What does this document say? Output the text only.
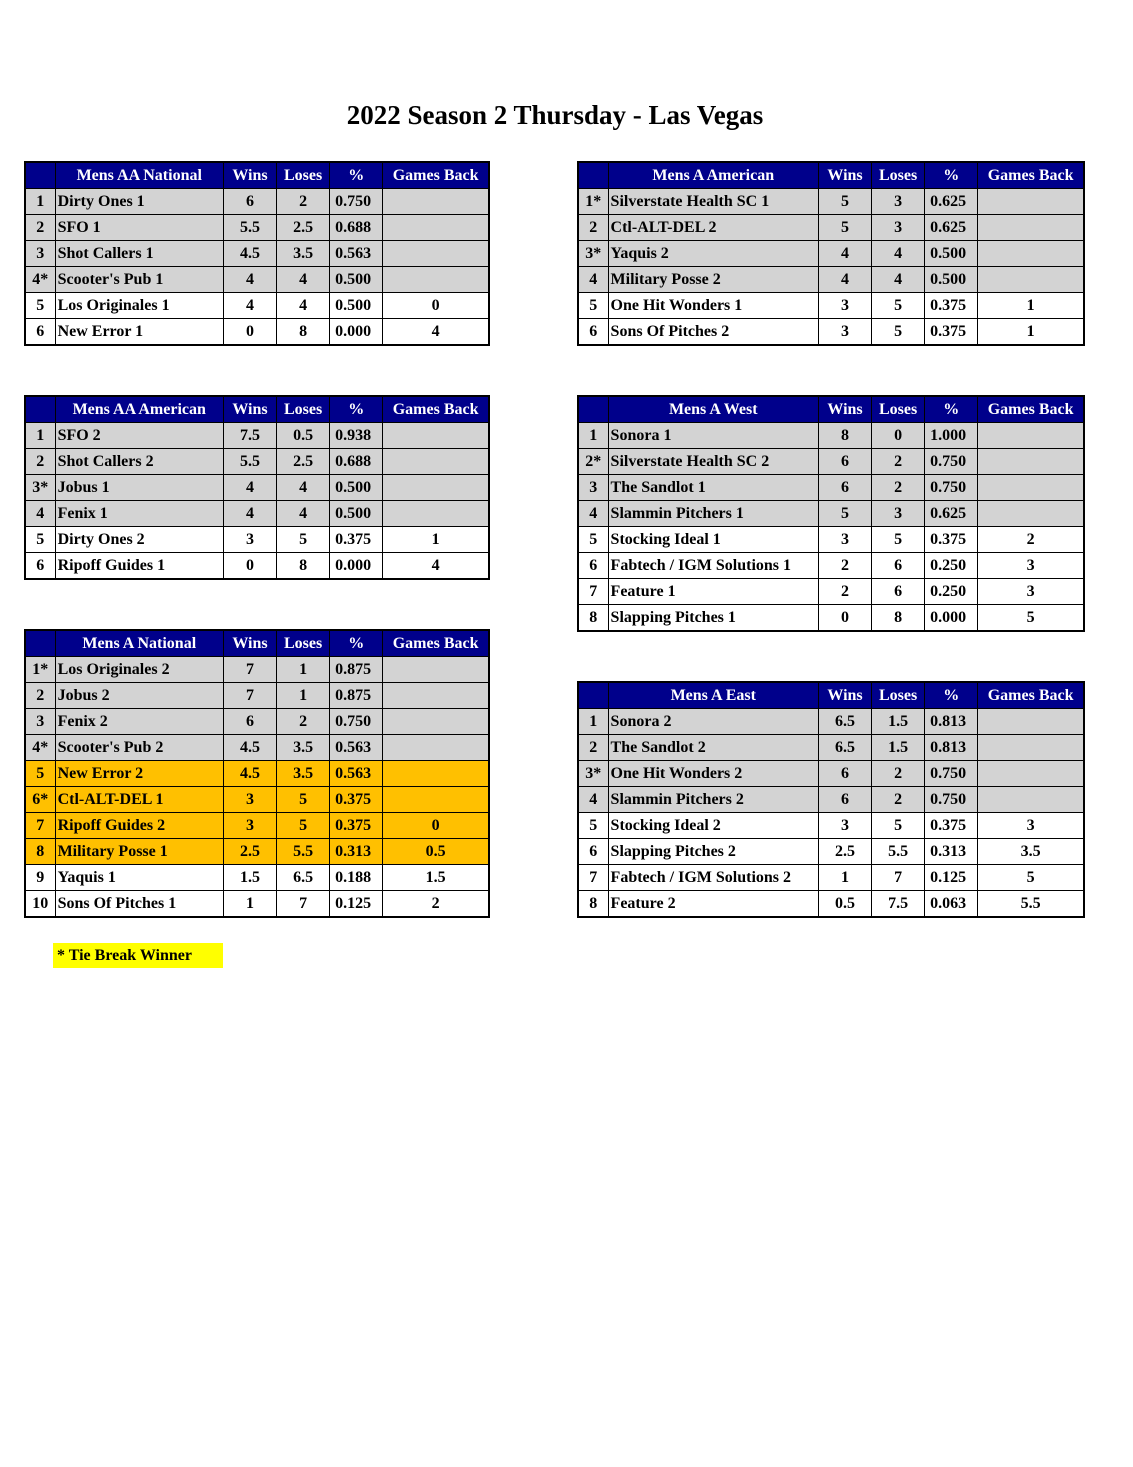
2022 Season 2 Thursday - Las Vegas
	Mens AA National	Wins	Loses	%	Games Back
1	Dirty Ones 1	6	2	0.750	
2	SFO 1	5.5	2.5	0.688	
3	Shot Callers 1	4.5	3.5	0.563	
4*	Scooter's Pub 1	4	4	0.500	
5	Los Originales 1	4	4	0.500	0
6	New Error 1	0	8	0.000	4
	Mens A American	Wins	Loses	%	Games Back
1*	Silverstate Health SC 1	5	3	0.625	
2	Ctl-ALT-DEL 2	5	3	0.625	
3*	Yaquis 2	4	4	0.500	
4	Military Posse 2	4	4	0.500	
5	One Hit Wonders 1	3	5	0.375	1
6	Sons Of Pitches 2	3	5	0.375	1
	Mens AA American	Wins	Loses	%	Games Back
1	SFO 2	7.5	0.5	0.938	
2	Shot Callers 2	5.5	2.5	0.688	
3*	Jobus 1	4	4	0.500	
4	Fenix 1	4	4	0.500	
5	Dirty Ones 2	3	5	0.375	1
6	Ripoff Guides 1	0	8	0.000	4
	Mens A West	Wins	Loses	%	Games Back
1	Sonora 1	8	0	1.000	
2*	Silverstate Health SC 2	6	2	0.750	
3	The Sandlot 1	6	2	0.750	
4	Slammin Pitchers 1	5	3	0.625	
5	Stocking Ideal 1	3	5	0.375	2
6	Fabtech / IGM Solutions 1	2	6	0.250	3
7	Feature 1	2	6	0.250	3
8	Slapping Pitches 1	0	8	0.000	5
	Mens A National	Wins	Loses	%	Games Back
1*	Los Originales 2	7	1	0.875	
2	Jobus 2	7	1	0.875	
3	Fenix 2	6	2	0.750	
4*	Scooter's Pub 2	4.5	3.5	0.563	
5	New Error 2	4.5	3.5	0.563	
6*	Ctl-ALT-DEL 1	3	5	0.375	
7	Ripoff Guides 2	3	5	0.375	0
8	Military Posse 1	2.5	5.5	0.313	0.5
9	Yaquis 1	1.5	6.5	0.188	1.5
10	Sons Of Pitches 1	1	7	0.125	2
	Mens A East	Wins	Loses	%	Games Back
1	Sonora 2	6.5	1.5	0.813	
2	The Sandlot 2	6.5	1.5	0.813	
3*	One Hit Wonders 2	6	2	0.750	
4	Slammin Pitchers 2	6	2	0.750	
5	Stocking Ideal 2	3	5	0.375	3
6	Slapping Pitches 2	2.5	5.5	0.313	3.5
7	Fabtech / IGM Solutions 2	1	7	0.125	5
8	Feature 2	0.5	7.5	0.063	5.5
* Tie Break Winner
